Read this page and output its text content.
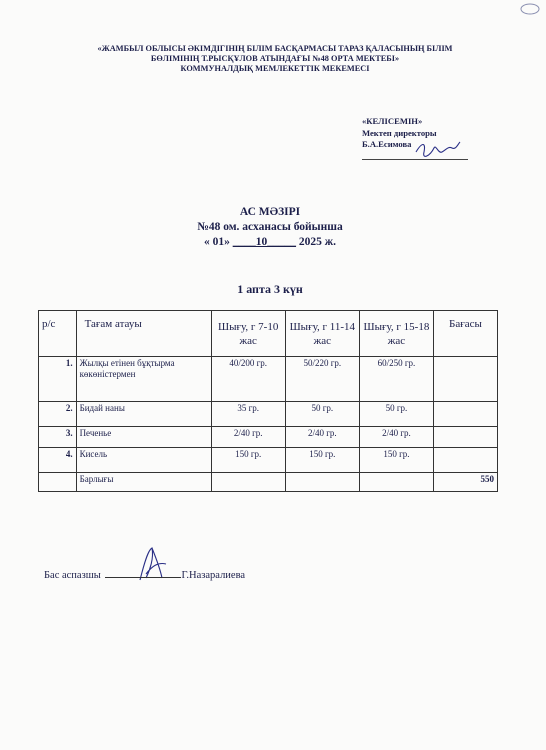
«ЖАМБЫЛ ОБЛЫСЫ ӘКІМДІГІНІҢ БІЛІМ БАСҚАРМАСЫ ТАРАЗ ҚАЛАСЫНЫҢ БІЛІМ
БӨЛІМІНІҢ Т.РЫСҚҰЛОВ АТЫНДАҒЫ №48 ОРТА МЕКТЕБІ»
КОММУНАЛДЫҚ МЕМЛЕКЕТТІК МЕКЕМЕСІ
«КЕЛІСЕМІН»
Мектеп директоры
Б.А.Есимова
АС МӘЗІРІ
№48 ом. асханасы бойынша
« 01» ____10_____ 2025 ж.
1 апта 3 күн
р/с	Тағам атауы	Шығу, г 7-10 жас	Шығу, г 11-14 жас	Шығу, г 15-18 жас	Бағасы
1.	Жылқы етінен бұқтырма көкөністермен	40/200 гр.	50/220 гр.	60/250 гр.	
2.	Бидай наны	35 гр.	50 гр.	50 гр.	
3.	Печенье	2/40 гр.	2/40 гр.	2/40 гр.	
4.	Кисель	150 гр.	150 гр.	150 гр.	
	Барлығы				550
Бас аспазшы	Г.Назаралиева
